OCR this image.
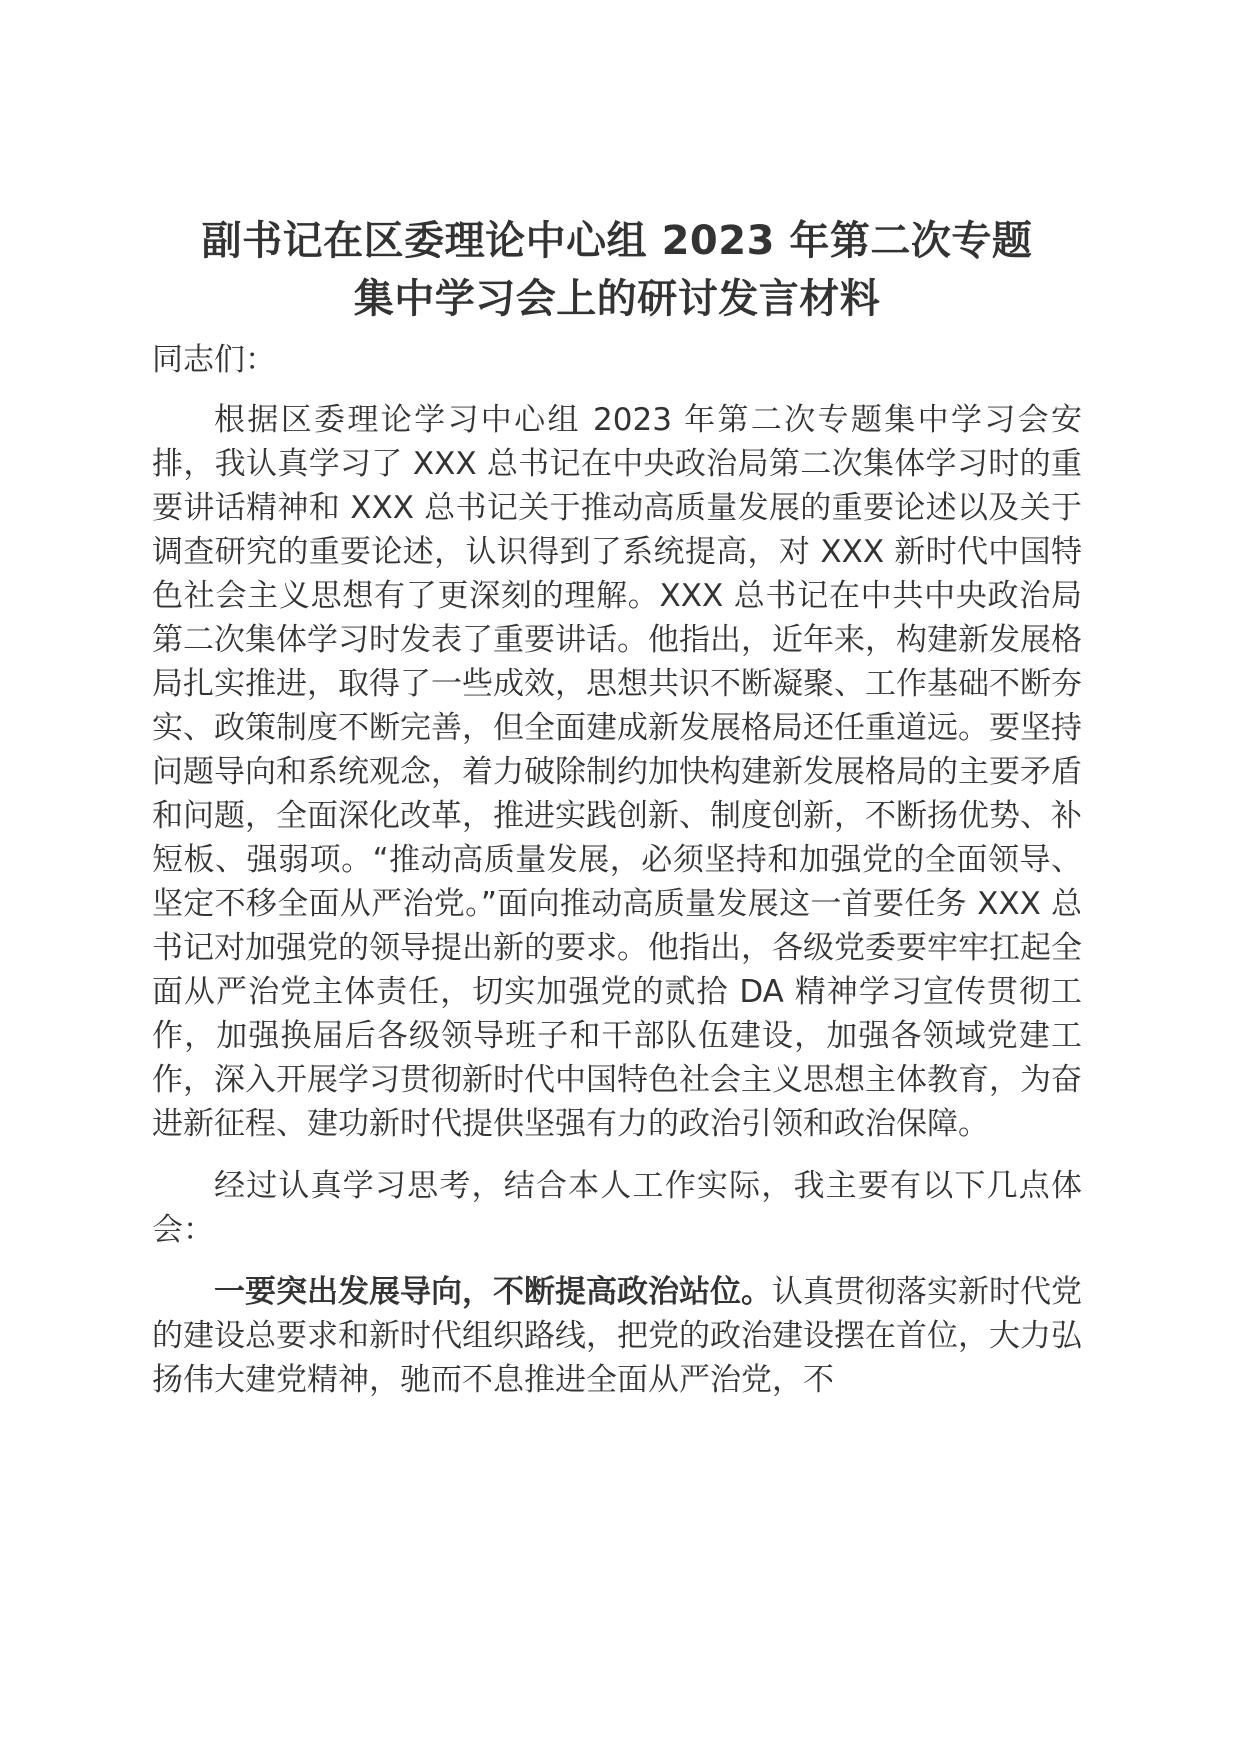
副书记在区委理论中心组 2023 年第二次专题
集中学习会上的研讨发言材料

同志们：

根据区委理论学习中心组 2023 年第二次专题集中学习会安排，我认真学习了 XXX 总书记在中央政治局第二次集体学习时的重要讲话精神和 XXX 总书记关于推动高质量发展的重要论述以及关于调查研究的重要论述，认识得到了系统提高，对 XXX 新时代中国特色社会主义思想有了更深刻的理解。XXX 总书记在中共中央政治局第二次集体学习时发表了重要讲话。他指出，近年来，构建新发展格局扎实推进，取得了一些成效，思想共识不断凝聚、工作基础不断夯实、政策制度不断完善，但全面建成新发展格局还任重道远。要坚持问题导向和系统观念，着力破除制约加快构建新发展格局的主要矛盾和问题，全面深化改革，推进实践创新、制度创新，不断扬优势、补短板、强弱项。“推动高质量发展，必须坚持和加强党的全面领导、坚定不移全面从严治党。”面向推动高质量发展这一首要任务 XXX 总书记对加强党的领导提出新的要求。他指出，各级党委要牢牢扛起全面从严治党主体责任，切实加强党的贰拾 DA 精神学习宣传贯彻工作，加强换届后各级领导班子和干部队伍建设，加强各领域党建工作，深入开展学习贯彻新时代中国特色社会主义思想主体教育，为奋进新征程、建功新时代提供坚强有力的政治引领和政治保障。

经过认真学习思考，结合本人工作实际，我主要有以下几点体会：

一要突出发展导向，不断提高政治站位。认真贯彻落实新时代党的建设总要求和新时代组织路线，把党的政治建设摆在首位，大力弘扬伟大建党精神，驰而不息推进全面从严治党，不
